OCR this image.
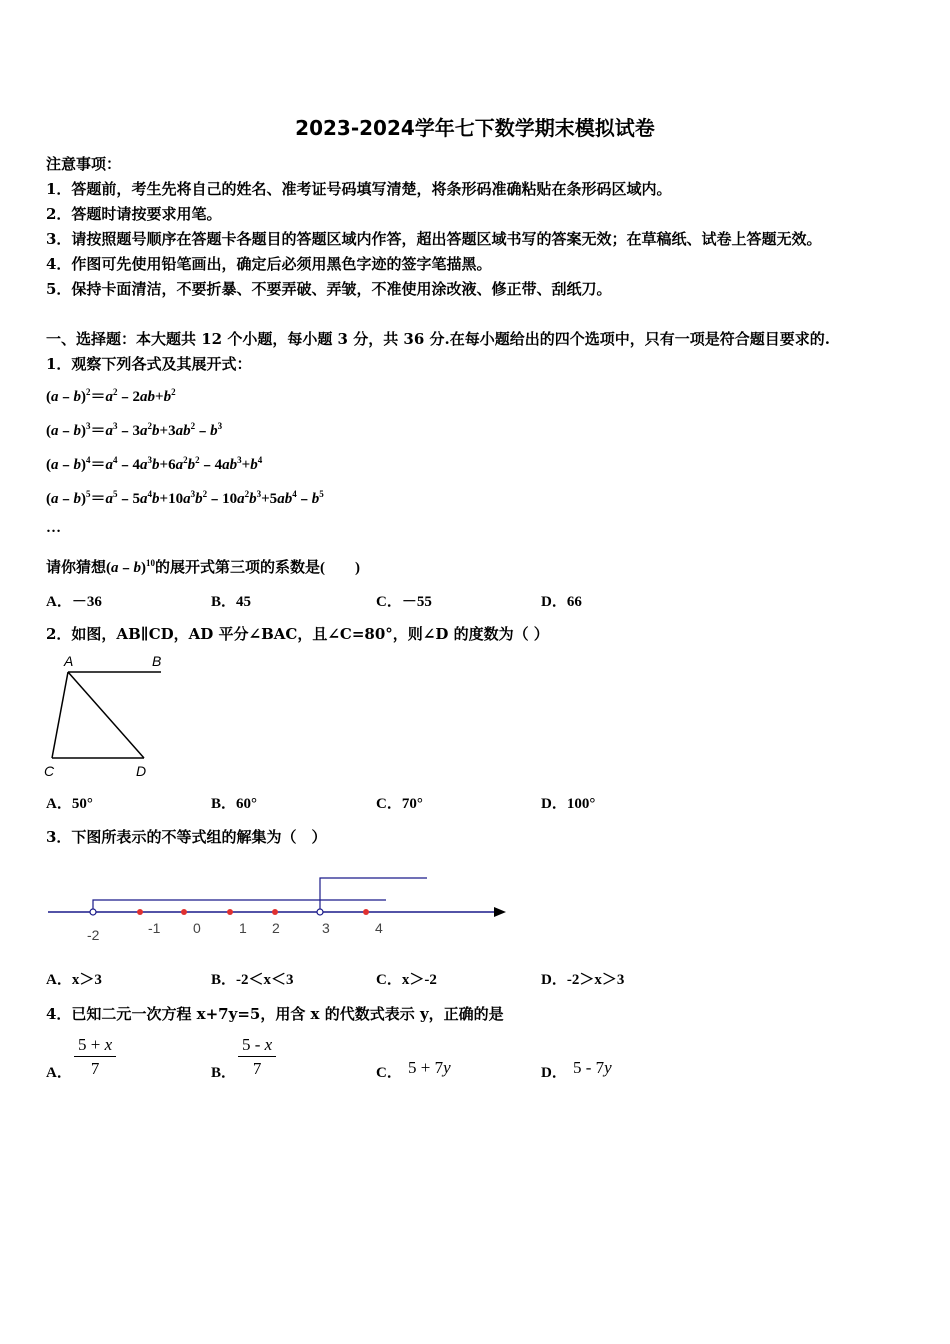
2023-2024学年七下数学期末模拟试卷
注意事项：
1．答题前，考生先将自己的姓名、准考证号码填写清楚，将条形码准确粘贴在条形码区域内。
2．答题时请按要求用笔。
3．请按照题号顺序在答题卡各题目的答题区域内作答，超出答题区域书写的答案无效；在草稿纸、试卷上答题无效。
4．作图可先使用铅笔画出，确定后必须用黑色字迹的签字笔描黑。
5．保持卡面清洁，不要折暴、不要弄破、弄皱，不准使用涂改液、修正带、刮纸刀。
一、选择题：本大题共 12 个小题，每小题 3 分，共 36 分.在每小题给出的四个选项中，只有一项是符合题目要求的.
1．观察下列各式及其展开式：
$(a﹣b)^2=a^2﹣2ab+b^2$
$(a﹣b)^3=a^3﹣3a^2b+3ab^2﹣b^3$
$(a﹣b)^4=a^4﹣4a^3b+6a^2b^2﹣4ab^3+b^4$
$(a﹣b)^5=a^5﹣5a^4b+10a^3b^2﹣10a^2b^3+5ab^4﹣b^5$
…
请你猜想(a﹣b)$^{10}$的展开式第三项的系数是(　　)
A．－36	B．45	C．－55	D．66
2．如图，AB∥CD，AD 平分∠BAC，且∠C=80°，则∠D 的度数为（ ）
A	B
C	D
A．50°	B．60°	C．70°	D．100°
3．下图所表示的不等式组的解集为（　）
-2	-1 0	1 2	3	4
A．x＞3	B．-2＜x＜3	C．x＞-2	D．-2＞x＞3
4．已知二元一次方程 x+7y=5，用含 x 的代数式表示 y，正确的是
A． $\frac{5 + x}{7}$	B． $\frac{5 - x}{7}$	C． 5 + 7y	D． 5 - 7y
